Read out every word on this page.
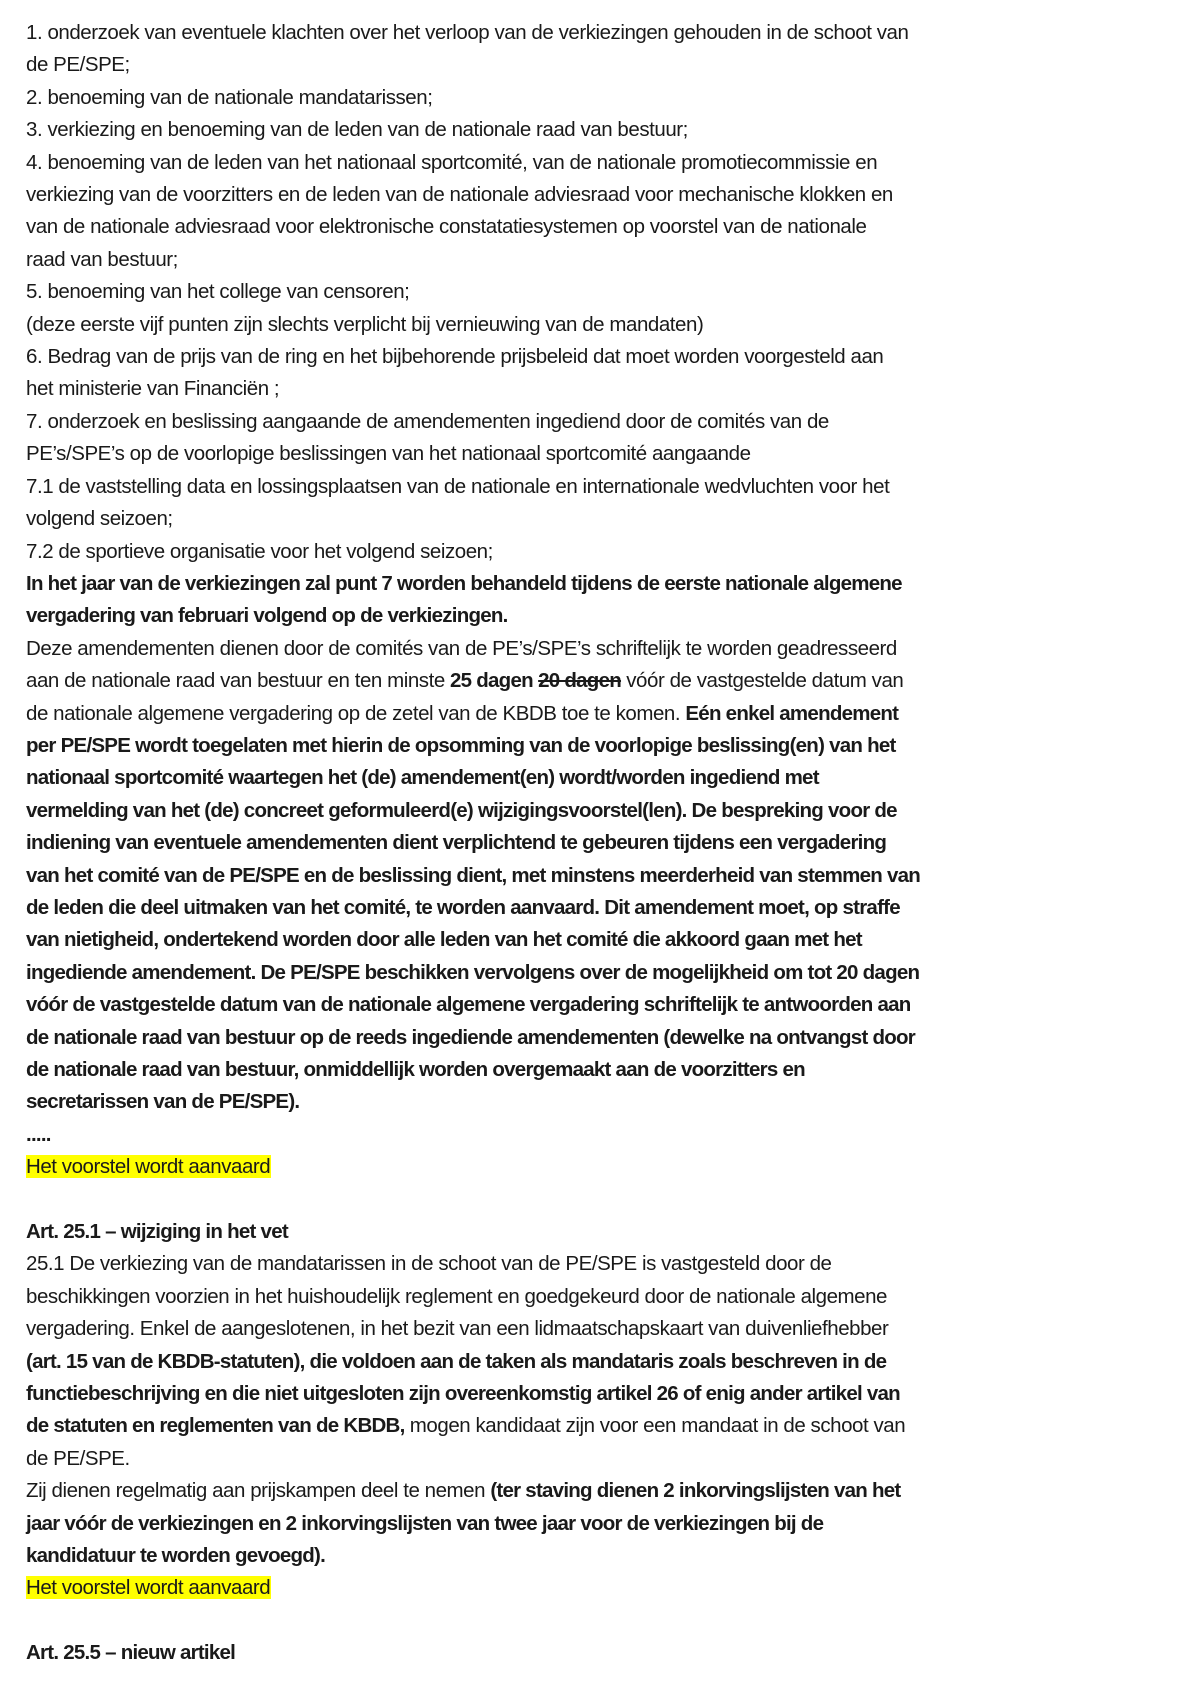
1. onderzoek van eventuele klachten over het verloop van de verkiezingen gehouden in de schoot van
de PE/SPE;
2. benoeming van de nationale mandatarissen;
3. verkiezing en benoeming van de leden van de nationale raad van bestuur;
4. benoeming van de leden van het nationaal sportcomité, van de nationale promotiecommissie en
verkiezing van de voorzitters en de leden van de nationale adviesraad voor mechanische klokken en
van de nationale adviesraad voor elektronische constatatiesystemen op voorstel van de nationale
raad van bestuur;
5. benoeming van het college van censoren;
(deze eerste vijf punten zijn slechts verplicht bij vernieuwing van de mandaten)
6. Bedrag van de prijs van de ring en het bijbehorende prijsbeleid dat moet worden voorgesteld aan
het ministerie van Financiën ;
7. onderzoek en beslissing aangaande de amendementen ingediend door de comités van de
PE’s/SPE’s op de voorlopige beslissingen van het nationaal sportcomité aangaande
7.1 de vaststelling data en lossingsplaatsen van de nationale en internationale wedvluchten voor het
volgend seizoen;
7.2 de sportieve organisatie voor het volgend seizoen;
In het jaar van de verkiezingen zal punt 7 worden behandeld tijdens de eerste nationale algemene
vergadering van februari volgend op de verkiezingen.
Deze amendementen dienen door de comités van de PE’s/SPE’s schriftelijk te worden geadresseerd
aan de nationale raad van bestuur en ten minste 25 dagen 20 dagen vóór de vastgestelde datum van
de nationale algemene vergadering op de zetel van de KBDB toe te komen. Eén enkel amendement
per PE/SPE wordt toegelaten met hierin de opsomming van de voorlopige beslissing(en) van het
nationaal sportcomité waartegen het (de) amendement(en) wordt/worden ingediend met
vermelding van het (de) concreet geformuleerd(e) wijzigingsvoorstel(len). De bespreking voor de
indiening van eventuele amendementen dient verplichtend te gebeuren tijdens een vergadering
van het comité van de PE/SPE en de beslissing dient, met minstens meerderheid van stemmen van
de leden die deel uitmaken van het comité, te worden aanvaard. Dit amendement moet, op straffe
van nietigheid, ondertekend worden door alle leden van het comité die akkoord gaan met het
ingediende amendement. De PE/SPE beschikken vervolgens over de mogelijkheid om tot 20 dagen
vóór de vastgestelde datum van de nationale algemene vergadering schriftelijk te antwoorden aan
de nationale raad van bestuur op de reeds ingediende amendementen (dewelke na ontvangst door
de nationale raad van bestuur, onmiddellijk worden overgemaakt aan de voorzitters en
secretarissen van de PE/SPE).
.....
Het voorstel wordt aanvaard
Art. 25.1 – wijziging in het vet
25.1 De verkiezing van de mandatarissen in de schoot van de PE/SPE is vastgesteld door de
beschikkingen voorzien in het huishoudelijk reglement en goedgekeurd door de nationale algemene
vergadering. Enkel de aangeslotenen, in het bezit van een lidmaatschapskaart van duivenliefhebber
(art. 15 van de KBDB-statuten), die voldoen aan de taken als mandataris zoals beschreven in de
functiebeschrijving en die niet uitgesloten zijn overeenkomstig artikel 26 of enig ander artikel van
de statuten en reglementen van de KBDB, mogen kandidaat zijn voor een mandaat in de schoot van
de PE/SPE.
Zij dienen regelmatig aan prijskampen deel te nemen (ter staving dienen 2 inkorvingslijsten van het
jaar vóór de verkiezingen en 2 inkorvingslijsten van twee jaar voor de verkiezingen bij de
kandidatuur te worden gevoegd).
Het voorstel wordt aanvaard
Art. 25.5 – nieuw artikel
